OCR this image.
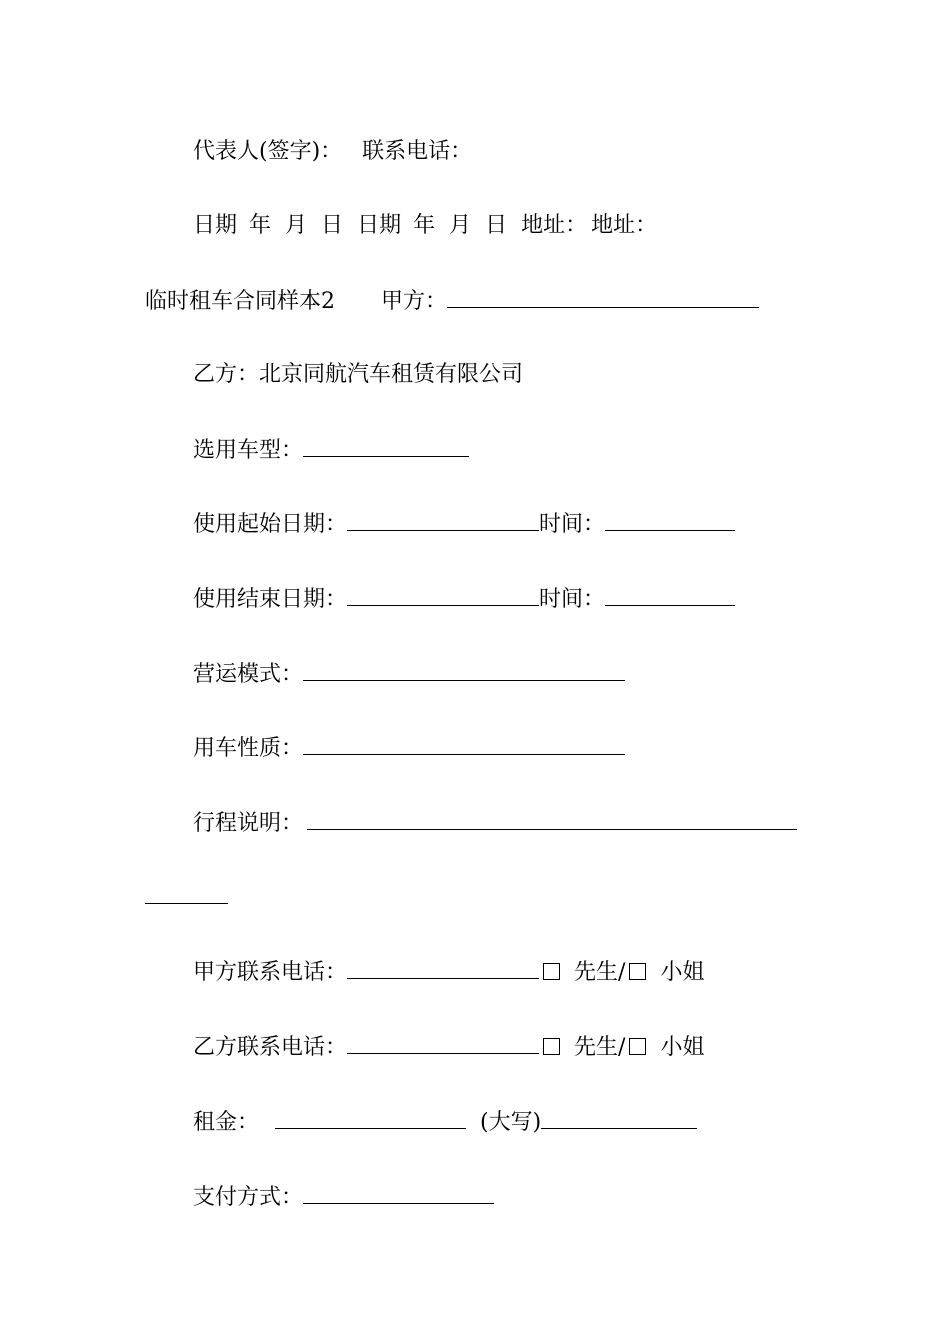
代表人(签字)： 联系电话：
日期 年 月 日 日期 年 月 日 地址： 地址：
临时租车合同样本2 甲方：
乙方：北京同航汽车租赁有限公司
选用车型：
使用起始日期：	时间：
使用结束日期：	时间：
营运模式：
用车性质：
行程说明：
甲方联系电话：	先生/ 小姐
乙方联系电话：	先生/ 小姐
租金：	(大写)
支付方式：
